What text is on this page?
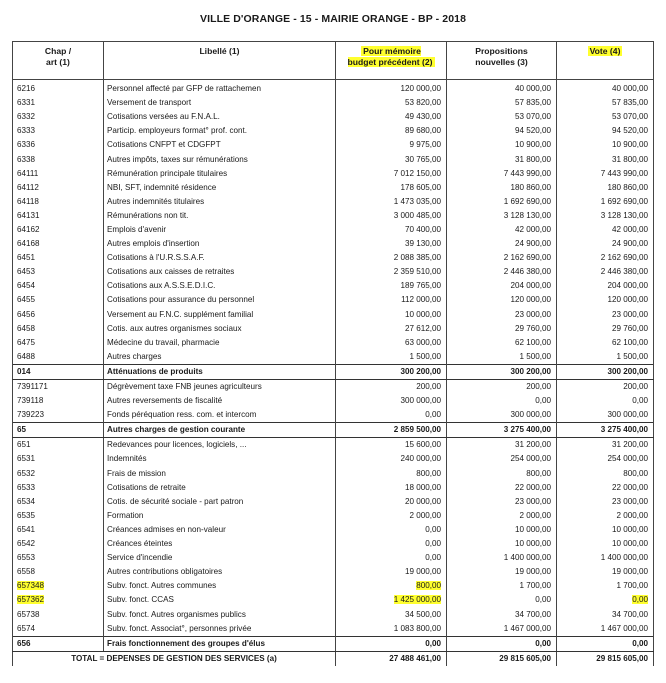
VILLE D'ORANGE - 15 - MAIRIE ORANGE - BP - 2018
Chap /
art (1)	Libellé (1)	Pour mémoire
budget précédent (2)	Propositions
nouvelles (3)	Vote (4)
6216	Personnel affecté par GFP de rattachemen	120 000,00	40 000,00	40 000,00
6331	Versement de transport	53 820,00	57 835,00	57 835,00
6332	Cotisations versées au F.N.A.L.	49 430,00	53 070,00	53 070,00
6333	Particip. employeurs format° prof. cont.	89 680,00	94 520,00	94 520,00
6336	Cotisations CNFPT et CDGFPT	9 975,00	10 900,00	10 900,00
6338	Autres impôts, taxes sur rémunérations	30 765,00	31 800,00	31 800,00
64111	Rémunération principale titulaires	7 012 150,00	7 443 990,00	7 443 990,00
64112	NBI, SFT, indemnité résidence	178 605,00	180 860,00	180 860,00
64118	Autres indemnités titulaires	1 473 035,00	1 692 690,00	1 692 690,00
64131	Rémunérations non tit.	3 000 485,00	3 128 130,00	3 128 130,00
64162	Emplois d'avenir	70 400,00	42 000,00	42 000,00
64168	Autres emplois d'insertion	39 130,00	24 900,00	24 900,00
6451	Cotisations à l'U.R.S.S.A.F.	2 088 385,00	2 162 690,00	2 162 690,00
6453	Cotisations aux caisses de retraites	2 359 510,00	2 446 380,00	2 446 380,00
6454	Cotisations aux A.S.S.E.D.I.C.	189 765,00	204 000,00	204 000,00
6455	Cotisations pour assurance du personnel	112 000,00	120 000,00	120 000,00
6456	Versement au F.N.C. supplément familial	10 000,00	23 000,00	23 000,00
6458	Cotis. aux autres organismes sociaux	27 612,00	29 760,00	29 760,00
6475	Médecine du travail, pharmacie	63 000,00	62 100,00	62 100,00
6488	Autres charges	1 500,00	1 500,00	1 500,00
014	Atténuations de produits	300 200,00	300 200,00	300 200,00
7391171	Dégrèvement taxe FNB jeunes agriculteurs	200,00	200,00	200,00
739118	Autres reversements de fiscalité	300 000,00	0,00	0,00
739223	Fonds péréquation ress. com. et intercom	0,00	300 000,00	300 000,00
65	Autres charges de gestion courante	2 859 500,00	3 275 400,00	3 275 400,00
651	Redevances pour licences, logiciels, ...	15 600,00	31 200,00	31 200,00
6531	Indemnités	240 000,00	254 000,00	254 000,00
6532	Frais de mission	800,00	800,00	800,00
6533	Cotisations de retraite	18 000,00	22 000,00	22 000,00
6534	Cotis. de sécurité sociale - part patron	20 000,00	23 000,00	23 000,00
6535	Formation	2 000,00	2 000,00	2 000,00
6541	Créances admises en non-valeur	0,00	10 000,00	10 000,00
6542	Créances éteintes	0,00	10 000,00	10 000,00
6553	Service d'incendie	0,00	1 400 000,00	1 400 000,00
6558	Autres contributions obligatoires	19 000,00	19 000,00	19 000,00
657348	Subv. fonct. Autres communes	800,00	1 700,00	1 700,00
657362	Subv. fonct. CCAS	1 425 000,00	0,00	0,00
65738	Subv. fonct. Autres organismes publics	34 500,00	34 700,00	34 700,00
6574	Subv. fonct. Associat°, personnes privée	1 083 800,00	1 467 000,00	1 467 000,00
656	Frais fonctionnement des groupes d'élus	0,00	0,00	0,00
TOTAL = DEPENSES DE GESTION DES SERVICES (a)		27 488 461,00	29 815 605,00	29 815 605,00
